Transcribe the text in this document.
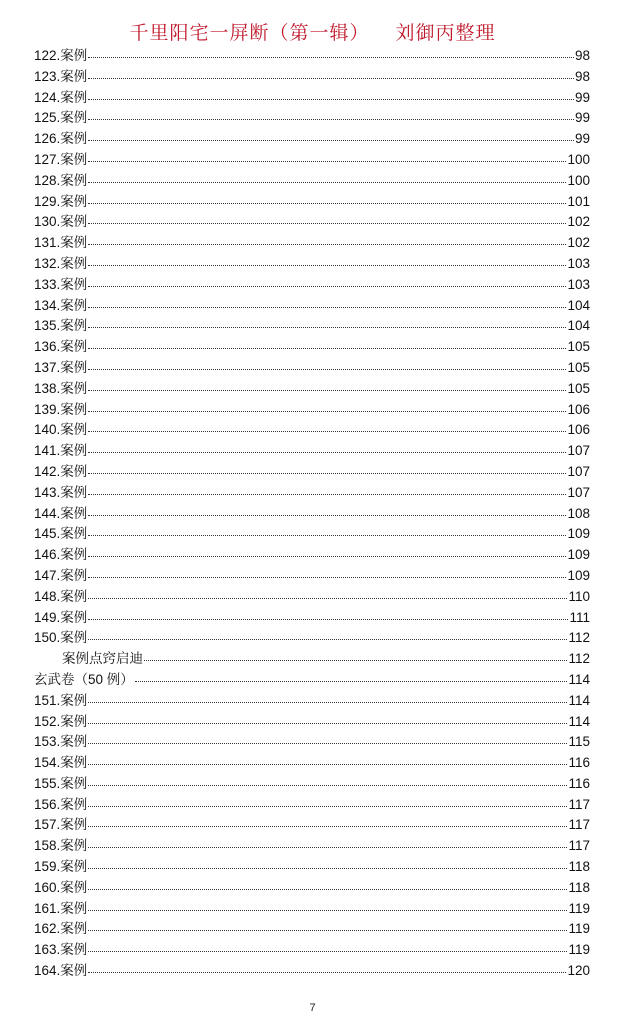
千里阳宅一屏断（第一辑） 刘御丙整理
122.案例	98
123.案例	98
124.案例	99
125.案例	99
126.案例	99
127.案例	100
128.案例	100
129.案例	101
130.案例	102
131.案例	102
132.案例	103
133.案例	103
134.案例	104
135.案例	104
136.案例	105
137.案例	105
138.案例	105
139.案例	106
140.案例	106
141.案例	107
142.案例	107
143.案例	107
144.案例	108
145.案例	109
146.案例	109
147.案例	109
148.案例	110
149.案例	111
150.案例	112
案例点窍启迪	112
玄武卷（50 例）	114
151.案例	114
152.案例	114
153.案例	115
154.案例	116
155.案例	116
156.案例	117
157.案例	117
158.案例	117
159.案例	118
160.案例	118
161.案例	119
162.案例	119
163.案例	119
164.案例	120
7
